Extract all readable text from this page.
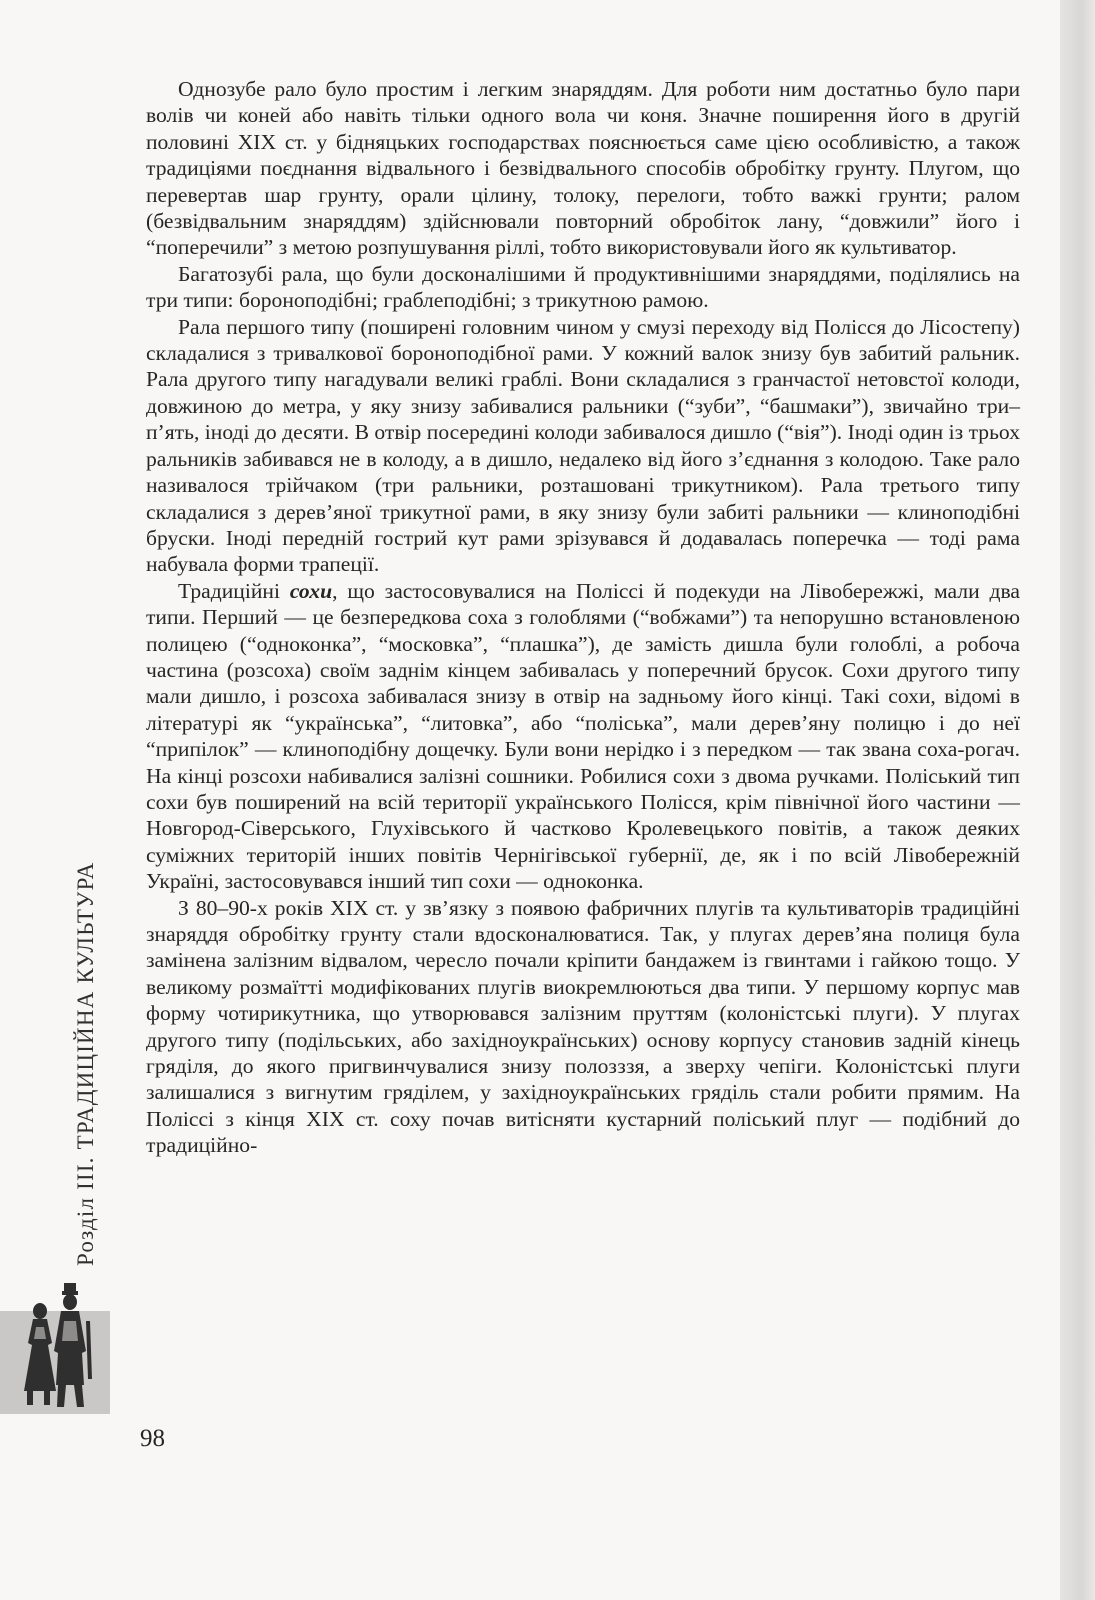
Однозубе рало було простим і легким знаряддям. Для роботи ним достатньо було пари волів чи коней або навіть тільки одного вола чи коня. Значне поширення його в другій половині XIX ст. у бідняцьких господарствах пояснюється саме цією особливістю, а також традиціями поєднання відвального і безвідвального способів обробітку грунту. Плугом, що перевертав шар грунту, орали цілину, толоку, перелоги, тобто важкі грунти; ралом (безвідвальним знаряддям) здійснювали повторний обробіток лану, “довжили” його і “поперечили” з метою розпушування ріллі, тобто використовували його як культиватор.

Багатозубі рала, що були досконалішими й продуктивнішими знаряддями, поділялись на три типи: бороноподібні; граблеподібні; з трикутною рамою.

Рала першого типу (поширені головним чином у смузі переходу від Полісся до Лісостепу) складалися з тривалкової бороноподібної рами. У кожний валок знизу був забитий ральник. Рала другого типу нагадували великі граблі. Вони складалися з гранчастої нетовстої колоди, довжиною до метра, у яку знизу забивалися ральники (“зуби”, “башмаки”), звичайно три–п’ять, іноді до десяти. В отвір посередині колоди забивалося дишло (“вія”). Іноді один із трьох ральників забивався не в колоду, а в дишло, недалеко від його з’єднання з колодою. Таке рало називалося трійчаком (три ральники, розташовані трикутником). Рала третього типу складалися з дерев’яної трикутної рами, в яку знизу були забиті ральники — клиноподібні бруски. Іноді передній гострий кут рами зрізувався й додавалась поперечка — тоді рама набувала форми трапеції.

Традиційні сохи, що застосовувалися на Поліссі й подекуди на Лівобережжі, мали два типи. Перший — це безпередкова соха з голоблями (“вобжами”) та непорушно встановленою полицею (“одноконка”, “московка”, “плашка”), де замість дишла були голоблі, а робоча частина (розсоха) своїм заднім кінцем забивалась у поперечний брусок. Сохи другого типу мали дишло, і розсоха забивалася знизу в отвір на задньому його кінці. Такі сохи, відомі в літературі як “українська”, “литовка”, або “поліська”, мали дерев’яну полицю і до неї “припілок” — клиноподібну дощечку. Були вони нерідко і з передком — так звана соха-рогач. На кінці розсохи набивалися залізні сошники. Робилися сохи з двома ручками. Поліський тип сохи був поширений на всій території українського Полісся, крім північної його частини — Новгород-Сіверського, Глухівського й частково Кролевецького повітів, а також деяких суміжних територій інших повітів Чернігівської губернії, де, як і по всій Лівобережній Україні, застосовувався інший тип сохи — одноконка.

З 80–90-х років XIX ст. у зв’язку з появою фабричних плугів та культиваторів традиційні знаряддя обробітку грунту стали вдосконалюватися. Так, у плугах дерев’яна полиця була замінена залізним відвалом, чересло почали кріпити бандажем із гвинтами і гайкою тощо. У великому розмаїтті модифікованих плугів виокремлюються два типи. У першому корпус мав форму чотирикутника, що утворювався залізним пруттям (колоністські плуги). У плугах другого типу (подільських, або західноукраїнських) основу корпусу становив задній кінець гряділя, до якого пригвинчувалися знизу полозззя, а зверху чепіги. Колоністські плуги залишалися з вигнутим гряділем, у західноукраїнських гряділь стали робити прямим. На Поліссі з кінця XIX ст. соху почав витісняти кустарний поліський плуг — подібний до традиційно-

Розділ III. ТРАДИЦІЙНА КУЛЬТУРА
98
